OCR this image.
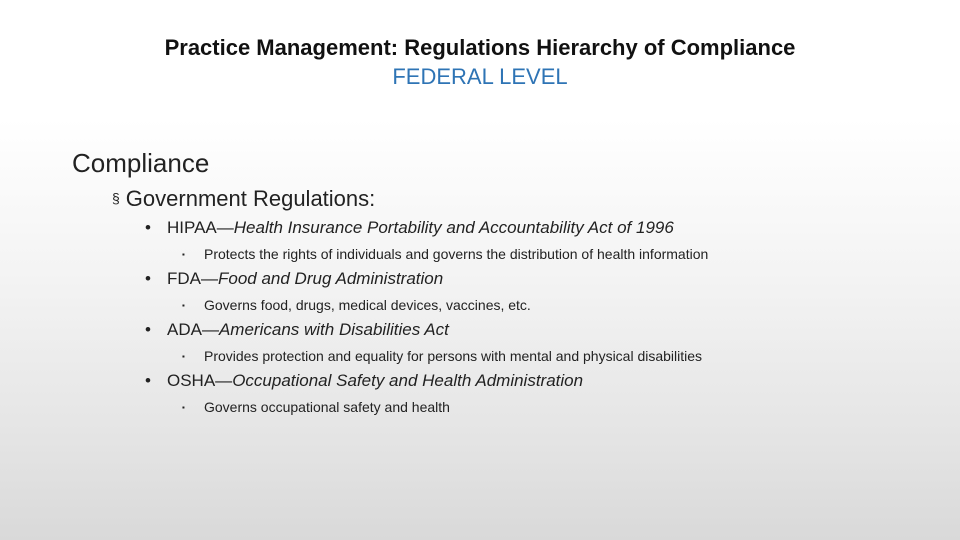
Practice Management: Regulations Hierarchy of Compliance
FEDERAL LEVEL
Compliance
§ Government Regulations:
• HIPAA—Health Insurance Portability and Accountability Act of 1996
▪ Protects the rights of individuals and governs the distribution of health information
• FDA—Food and Drug Administration
▪ Governs food, drugs, medical devices, vaccines, etc.
• ADA—Americans with Disabilities Act
▪ Provides protection and equality for persons with mental and physical disabilities
• OSHA—Occupational Safety and Health Administration
▪ Governs occupational safety and health
